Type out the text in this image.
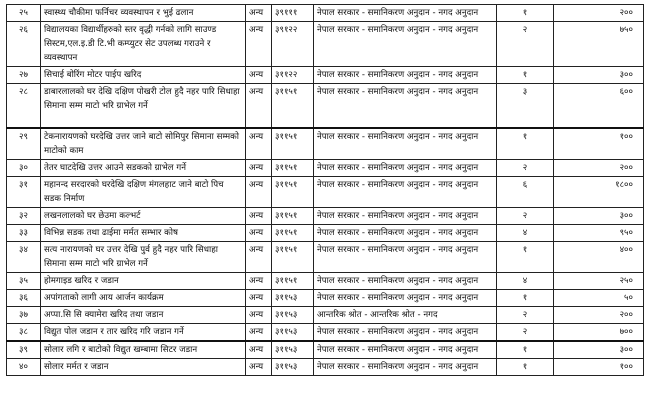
२५	स्वास्थ्य चौकीमा फर्निचर व्यवस्थापन र भुई ढलान	अन्य	३९१११	नेपाल सरकार - समानिकरण अनुदान - नगद अनुदान	१	२००
२६	विद्यालयका विद्यार्थीहरुको स्तर वृद्धी गर्नको लागि साउण्ड सिस्टम,एल.इ.डी टि.भी कम्प्युटर सेट उपलब्ध गराउने र व्यवस्थापन	अन्य	३९१२२	नेपाल सरकार - समानिकरण अनुदान - नगद अनुदान	२	७५०
२७	सिचाई बोरिंग मोटर पाईप खरिद	अन्य	३११२२	नेपाल सरकार - समानिकरण अनुदान - नगद अनुदान	१	३००
२८	डाबारलालको घर देखि दक्षिण पोखरी टोल हुदै नहर पारि सिधाहा सिमाना सम्म माटो भरि ग्राभेल गर्ने	अन्य	३११५१	नेपाल सरकार - समानिकरण अनुदान - नगद अनुदान	३	६००
२९	टेकनारायणको घरदेखि उत्तर जाने बाटो सोमिपुर सिमाना सम्मको माटोको काम	अन्य	३११५१	नेपाल सरकार - समानिकरण अनुदान - नगद अनुदान	१	१००
३०	तेतर घाटदेखि उत्तर आउने सडकको ग्राभेल गर्ने	अन्य	३११५१	नेपाल सरकार - समानिकरण अनुदान - नगद अनुदान	२	२००
३१	महानन्द सरदारको घरदेखि दक्षिण मंगलहाट जाने बाटो पिच सडक निर्माण	अन्य	३११५१	नेपाल सरकार - समानिकरण अनुदान - नगद अनुदान	६	१८००
३२	लखनलालको घर छेउमा कल्भर्ट	अन्य	३११५१	नेपाल सरकार - समानिकरण अनुदान - नगद अनुदान	२	३००
३३	विभिन्न सडक तथा ढाईमा मर्मत सम्भार कोष	अन्य	३११५१	नेपाल सरकार - समानिकरण अनुदान - नगद अनुदान	४	९५०
३४	सत्य नारायणको घर उत्तर देखि पुर्व हुदै नहर पारि सिधाहा सिमाना सम्म माटो भरि ग्राभेल गर्ने	अन्य	३११५१	नेपाल सरकार - समानिकरण अनुदान - नगद अनुदान	१	४००
३५	होमगाइड खरिद र जडान	अन्य	३११५१	नेपाल सरकार - समानिकरण अनुदान - नगद अनुदान	४	२५०
३६	अपांगताको लागी आय आर्जन कार्यक्रम	अन्य	३११५३	नेपाल सरकार - समानिकरण अनुदान - नगद अनुदान	१	५०
३७	अप्पा.सि सि क्यामेरा खरिद तथा जडान	अन्य	३११५३	आन्तरिक श्रोत - आन्तरिक श्रोत - नगद	२	२००
३८	विद्युत पोल जडान र तार खरिद गरि जडान गर्ने	अन्य	३११५३	नेपाल सरकार - समानिकरण अनुदान - नगद अनुदान	२	७००
३९	सोलार लगि र बाटोको विद्युत खम्बामा सिटर जडान	अन्य	३११५३	नेपाल सरकार - समानिकरण अनुदान - नगद अनुदान	१	३००
४०	सोलार मर्मत र जडान	अन्य	३११५३	नेपाल सरकार - समानिकरण अनुदान - नगद अनुदान	१	१००
